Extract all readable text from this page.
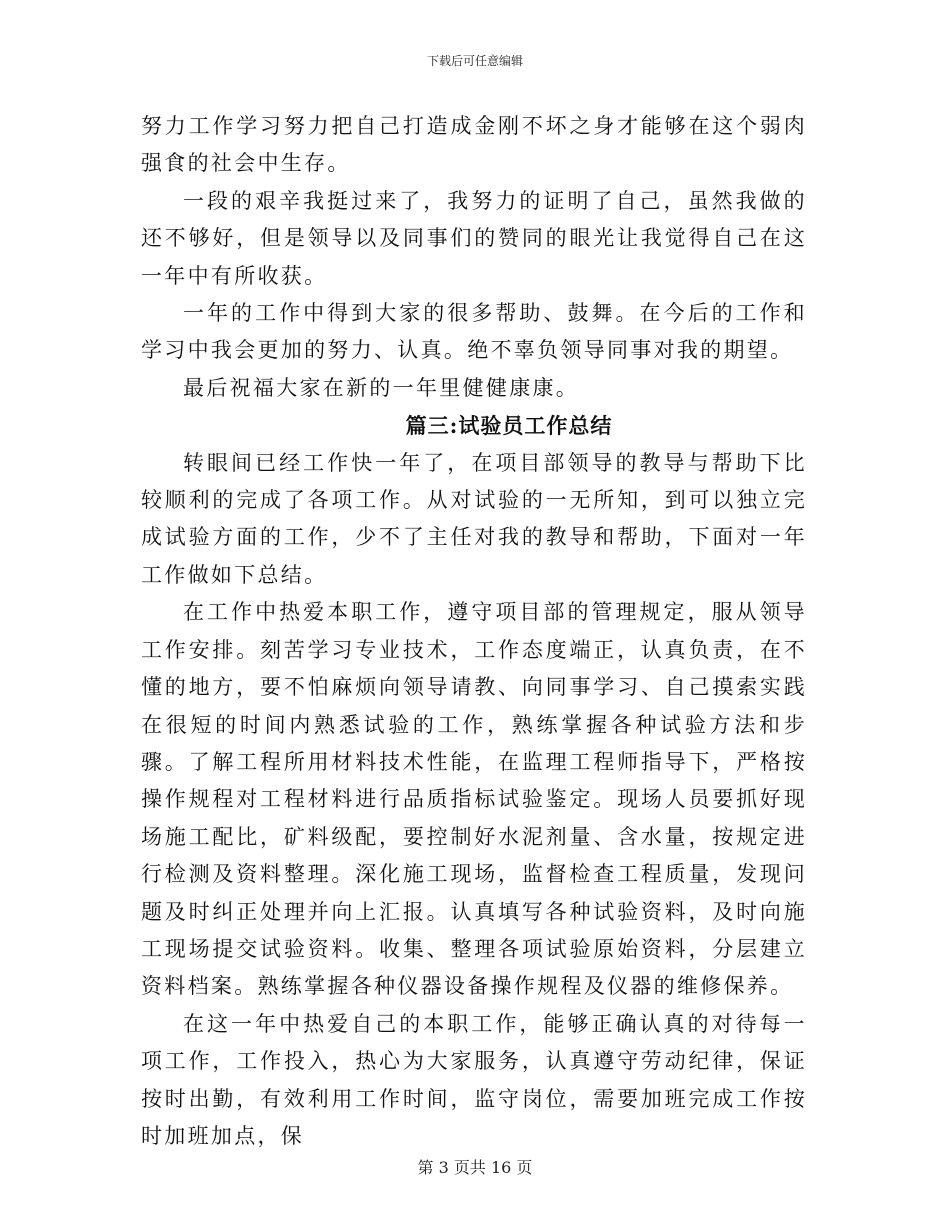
下载后可任意编辑

努力工作学习努力把自己打造成金刚不坏之身才能够在这个弱肉强食的社会中生存。

一段的艰辛我挺过来了，我努力的证明了自己，虽然我做的还不够好，但是领导以及同事们的赞同的眼光让我觉得自己在这一年中有所收获。

一年的工作中得到大家的很多帮助、鼓舞。在今后的工作和学习中我会更加的努力、认真。绝不辜负领导同事对我的期望。

最后祝福大家在新的一年里健健康康。

篇三:试验员工作总结

转眼间已经工作快一年了，在项目部领导的教导与帮助下比较顺利的完成了各项工作。从对试验的一无所知，到可以独立完成试验方面的工作，少不了主任对我的教导和帮助，下面对一年工作做如下总结。

在工作中热爱本职工作，遵守项目部的管理规定，服从领导工作安排。刻苦学习专业技术，工作态度端正，认真负责，在不懂的地方，要不怕麻烦向领导请教、向同事学习、自己摸索实践在很短的时间内熟悉试验的工作，熟练掌握各种试验方法和步骤。了解工程所用材料技术性能，在监理工程师指导下，严格按操作规程对工程材料进行品质指标试验鉴定。现场人员要抓好现场施工配比，矿料级配，要控制好水泥剂量、含水量，按规定进行检测及资料整理。深化施工现场，监督检查工程质量，发现问题及时纠正处理并向上汇报。认真填写各种试验资料，及时向施工现场提交试验资料。收集、整理各项试验原始资料，分层建立资料档案。熟练掌握各种仪器设备操作规程及仪器的维修保养。

在这一年中热爱自己的本职工作，能够正确认真的对待每一项工作，工作投入，热心为大家服务，认真遵守劳动纪律，保证按时出勤，有效利用工作时间，监守岗位，需要加班完成工作按时加班加点，保

第 3 页共 16 页
